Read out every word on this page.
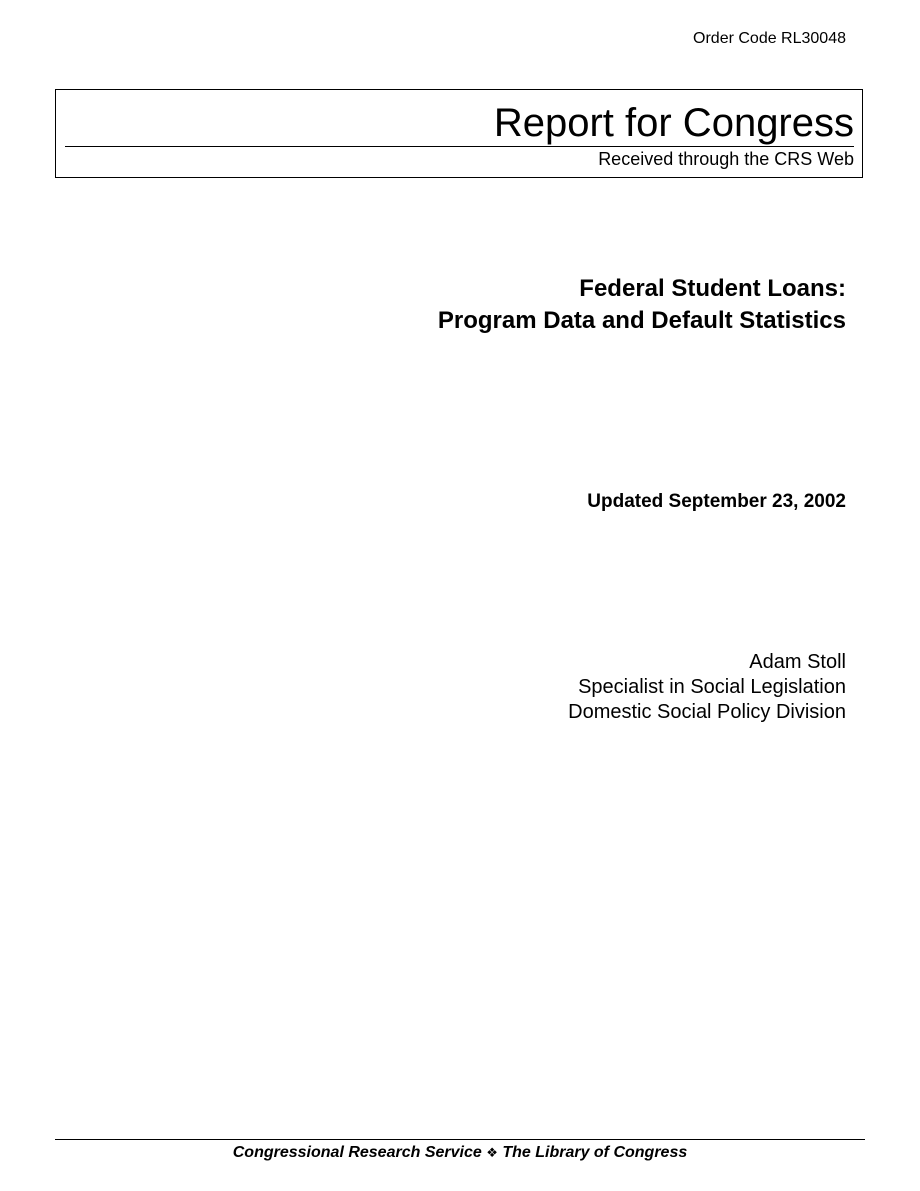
Order Code RL30048
Report for Congress
Received through the CRS Web
Federal Student Loans:
Program Data and Default Statistics
Updated September 23, 2002
Adam Stoll
Specialist in Social Legislation
Domestic Social Policy Division
Congressional Research Service ❖ The Library of Congress
